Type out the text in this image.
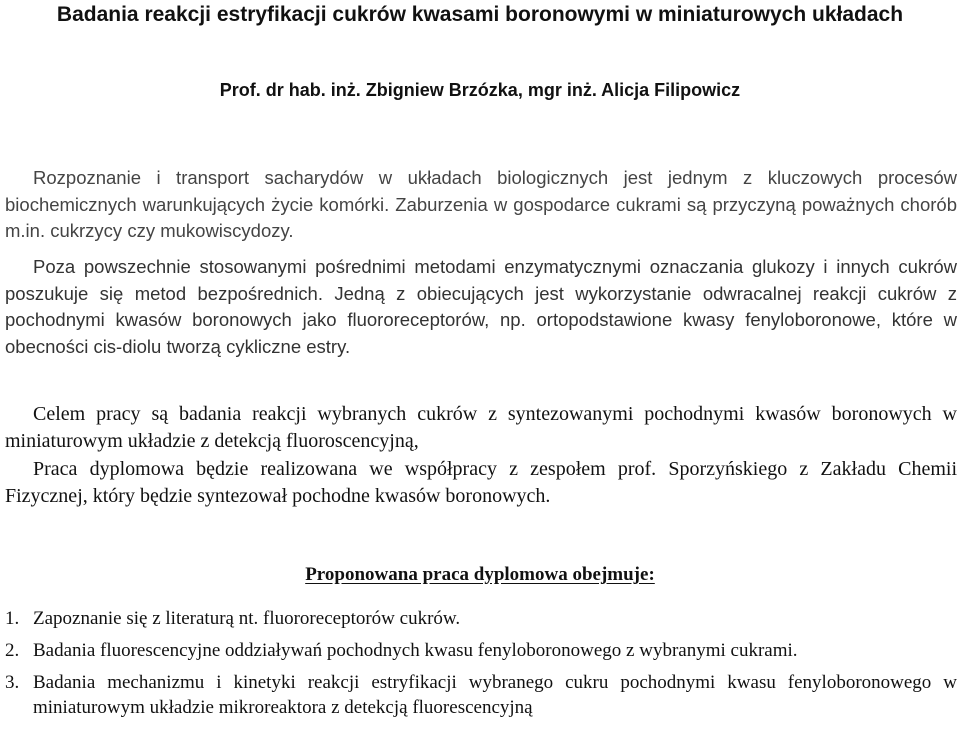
Badania reakcji estryfikacji cukrów kwasami boronowymi w miniaturowych układach
Prof. dr hab. inż. Zbigniew Brzózka, mgr inż. Alicja Filipowicz

Rozpoznanie i transport sacharydów w układach biologicznych jest jednym z kluczowych procesów biochemicznych warunkujących życie komórki. Zaburzenia w gospodarce cukrami są przyczyną poważnych chorób m.in. cukrzycy czy mukowiscydozy.

Poza powszechnie stosowanymi pośrednimi metodami enzymatycznymi oznaczania glukozy i innych cukrów poszukuje się metod bezpośrednich. Jedną z obiecujących jest wykorzystanie odwracalnej reakcji cukrów z pochodnymi kwasów boronowych jako fluororeceptorów, np. ortopodstawione kwasy fenyloboronowe, które w obecności cis-diolu tworzą cykliczne estry.

Celem pracy są badania reakcji wybranych cukrów z syntezowanymi pochodnymi kwasów boronowych w miniaturowym układzie z detekcją fluoroscencyjną,

Praca dyplomowa będzie realizowana we współpracy z zespołem prof. Sporzyńskiego z Zakładu Chemii Fizycznej, który będzie syntezował pochodne kwasów boronowych.

Proponowana praca dyplomowa obejmuje:
1. Zapoznanie się z literaturą nt. fluororeceptorów cukrów.
2. Badania fluorescencyjne oddziaływań pochodnych kwasu fenyloboronowego z wybranymi cukrami.
3. Badania mechanizmu i kinetyki reakcji estryfikacji wybranego cukru pochodnymi kwasu fenyloboronowego w miniaturowym układzie mikroreaktora z detekcją fluorescencyjną
